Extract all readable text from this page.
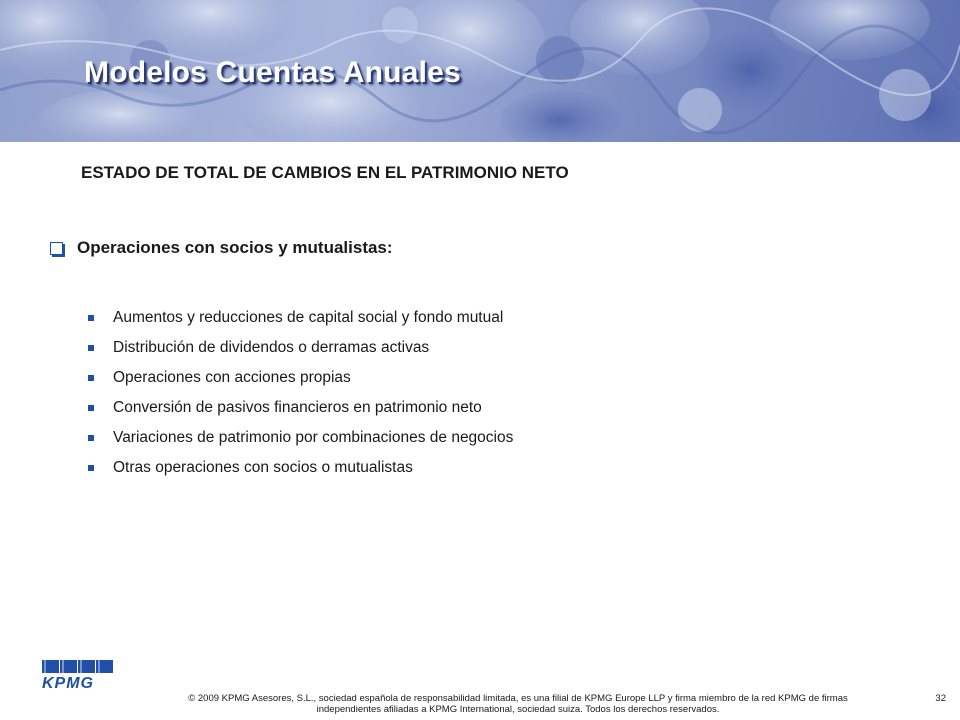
Modelos Cuentas Anuales
ESTADO DE TOTAL DE CAMBIOS EN EL PATRIMONIO NETO
Operaciones con socios y mutualistas:
Aumentos y reducciones de capital social y fondo mutual
Distribución de dividendos o derramas activas
Operaciones con acciones propias
Conversión de pasivos financieros en patrimonio neto
Variaciones de patrimonio por combinaciones de negocios
Otras operaciones con socios o mutualistas
KPMG
© 2009 KPMG Asesores, S.L., sociedad española de responsabilidad limitada, es una filial de KPMG Europe LLP y firma miembro de la red KPMG de firmas
independientes afiliadas a KPMG International, sociedad suiza. Todos los derechos reservados.
32
